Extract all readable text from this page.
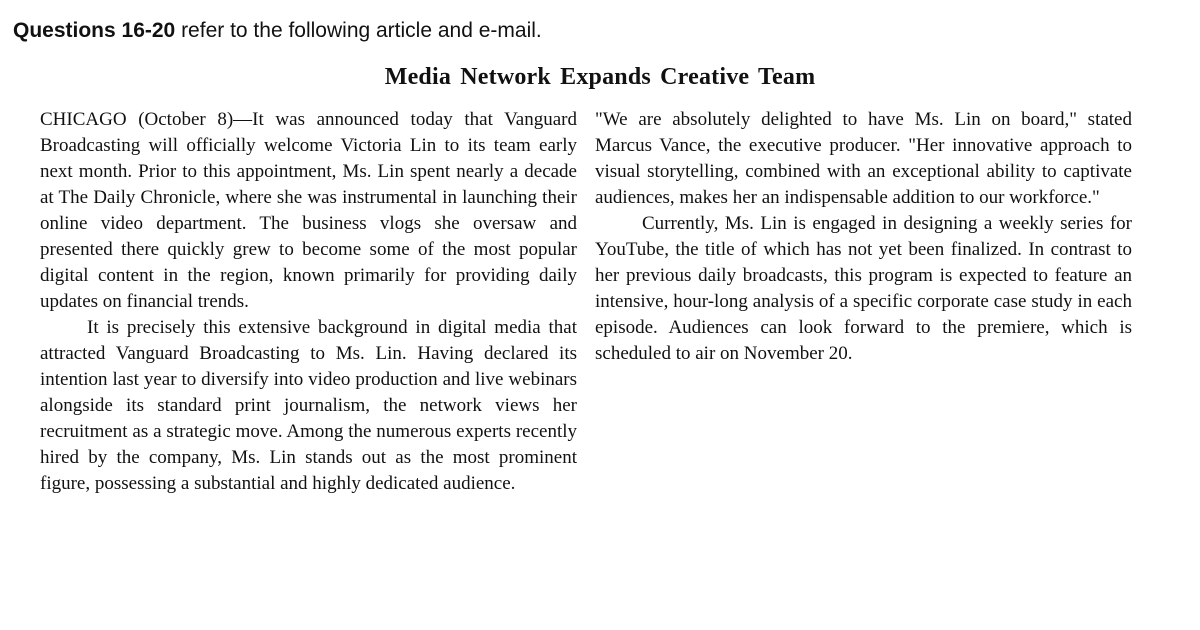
Questions 16-20 refer to the following article and e-mail.
Media Network Expands Creative Team

CHICAGO (October 8)—It was announced today that Vanguard Broadcasting will officially welcome Victoria Lin to its team early next month. Prior to this appointment, Ms. Lin spent nearly a decade at The Daily Chronicle, where she was instrumental in launching their online video department. The business vlogs she oversaw and presented there quickly grew to become some of the most popular digital content in the region, known primarily for providing daily updates on financial trends.

It is precisely this extensive background in digital media that attracted Vanguard Broadcasting to Ms. Lin. Having declared its intention last year to diversify into video production and live webinars alongside its standard print journalism, the network views her recruitment as a strategic move. Among the numerous experts recently hired by the company, Ms. Lin stands out as the most prominent figure, possessing a substantial and highly dedicated audience.

"We are absolutely delighted to have Ms. Lin on board," stated Marcus Vance, the executive producer. "Her innovative approach to visual storytelling, combined with an exceptional ability to captivate audiences, makes her an indispensable addition to our workforce."

Currently, Ms. Lin is engaged in designing a weekly series for YouTube, the title of which has not yet been finalized. In contrast to her previous daily broadcasts, this program is expected to feature an intensive, hour-long analysis of a specific corporate case study in each episode. Audiences can look forward to the premiere, which is scheduled to air on November 20.
